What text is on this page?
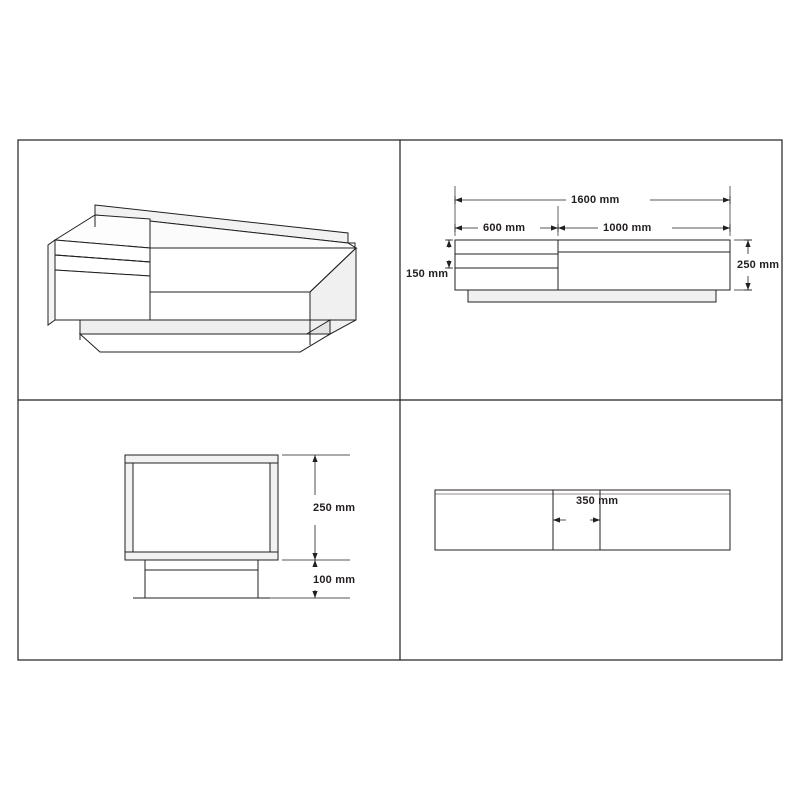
1600 mm
600 mm	1000 mm
150 mm
250 mm
250 mm
100 mm
350 mm
